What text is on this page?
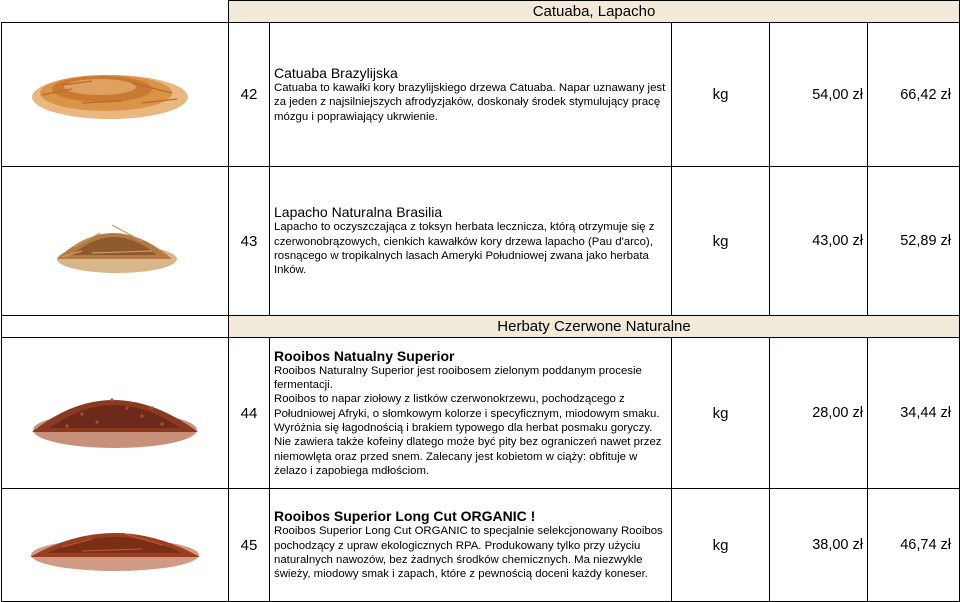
	Catuaba, Lapacho				
	42	Catuaba Brazylijska
Catuaba to kawałki kory brazylijskiego drzewa Catuaba. Napar uznawany jest za jeden z najsilniejszych afrodyzjaków, doskonały środek stymulujący pracę mózgu i poprawiający ukrwienie.	kg	54,00 zł	66,42 zł
	43	Lapacho Naturalna Brasilia
Lapacho to oczyszczająca z toksyn herbata lecznicza, którą otrzymuje się z czerwonobrązowych, cienkich kawałków kory drzewa lapacho (Pau d'arco), rosnącego w tropikalnych lasach Ameryki Południowej zwana jako herbata Inków.	kg	43,00 zł	52,89 zł
	Herbaty Czerwone Naturalne				
	44	Rooibos Natualny Superior
Rooibos Naturalny Superior jest rooibosem zielonym poddanym procesie fermentacji.
Rooibos to napar ziołowy z listków czerwonokrzewu, pochodzącego z Południowej Afryki, o słomkowym kolorze i specyficznym, miodowym smaku. Wyróżnia się łagodnością i brakiem typowego dla herbat posmaku goryczy. Nie zawiera także kofeiny dlatego może być pity bez ograniczeń nawet przez niemowlęta oraz przed snem. Zalecany jest kobietom w ciąży: obfituje w żelazo i zapobiega mdłościom.	kg	28,00 zł	34,44 zł
	45	Rooibos Superior Long Cut ORGANIC !
Rooibos Superior Long Cut ORGANIC to specjalnie selekcjonowany Rooibos pochodzący z upraw ekologicznych RPA. Produkowany tylko przy użyciu naturalnych nawozów, bez żadnych środków chemicznych. Ma niezwykle świeży, miodowy smak i zapach, które z pewnością doceni każdy koneser.	kg	38,00 zł	46,74 zł
